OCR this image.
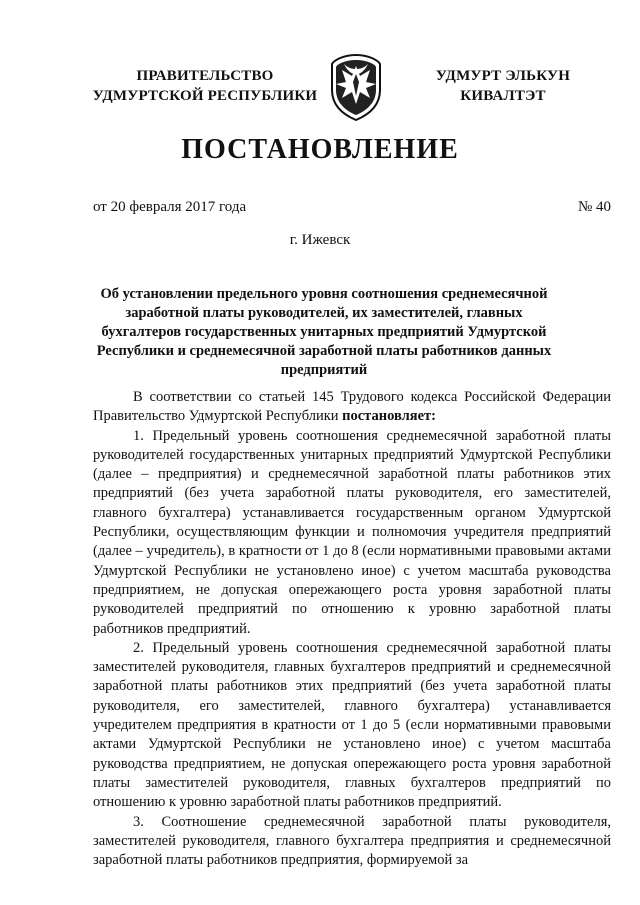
ПРАВИТЕЛЬСТВО
УДМУРТСКОЙ РЕСПУБЛИКИ
УДМУРТ ЭЛЬКУН
КИВАЛТЭТ
ПОСТАНОВЛЕНИЕ
от 20 февраля 2017 года	№ 40
г. Ижевск
Об установлении предельного уровня соотношения среднемесячной заработной платы руководителей, их заместителей, главных бухгалтеров государственных унитарных предприятий Удмуртской Республики и среднемесячной заработной платы работников данных предприятий

В соответствии со статьей 145 Трудового кодекса Российской Федерации Правительство Удмуртской Республики постановляет:

1. Предельный уровень соотношения среднемесячной заработной платы руководителей государственных унитарных предприятий Удмуртской Республики (далее – предприятия) и среднемесячной заработной платы работников этих предприятий (без учета заработной платы руководителя, его заместителей, главного бухгалтера) устанавливается государственным органом Удмуртской Республики, осуществляющим функции и полномочия учредителя предприятий (далее – учредитель), в кратности от 1 до 8 (если нормативными правовыми актами Удмуртской Республики не установлено иное) с учетом масштаба руководства предприятием, не допуская опережающего роста уровня заработной платы руководителей предприятий по отношению к уровню заработной платы работников предприятий.

2. Предельный уровень соотношения среднемесячной заработной платы заместителей руководителя, главных бухгалтеров предприятий и среднемесячной заработной платы работников этих предприятий (без учета заработной платы руководителя, его заместителей, главного бухгалтера) устанавливается учредителем предприятия в кратности от 1 до 5 (если нормативными правовыми актами Удмуртской Республики не установлено иное) с учетом масштаба руководства предприятием, не допуская опережающего роста уровня заработной платы заместителей руководителя, главных бухгалтеров предприятий по отношению к уровню заработной платы работников предприятий.

3. Соотношение среднемесячной заработной платы руководителя, заместителей руководителя, главного бухгалтера предприятия и среднемесячной заработной платы работников предприятия, формируемой за
